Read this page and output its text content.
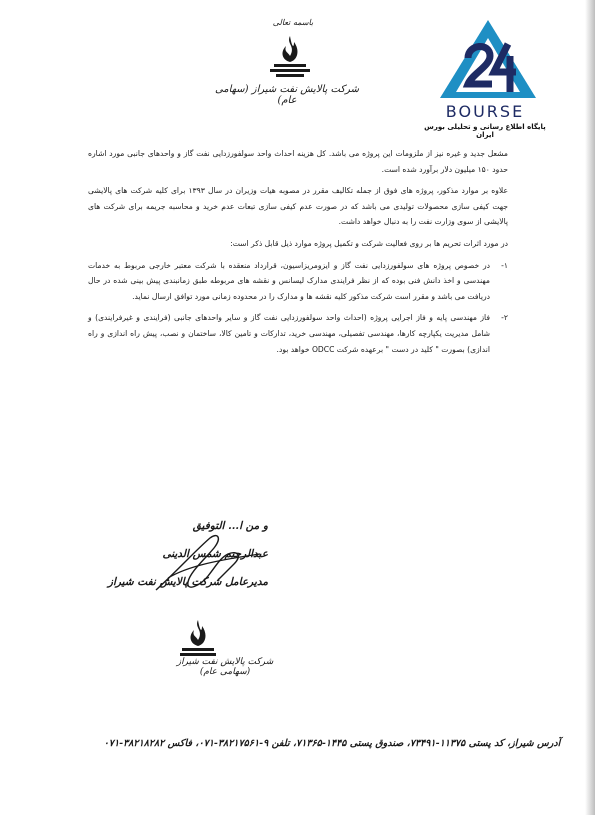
باسمه تعالی
شرکت پالایش نفت شیراز (سهامی عام)
BOURSE
پایگاه اطلاع رسانی و تحلیلی بورس ایران

مشعل جدید و غیره نیز از ملزومات این پروژه می باشد. کل هزینه احداث واحد سولفورزدایی نفت گاز و واحدهای جانبی مورد اشاره حدود ۱۵۰ میلیون دلار برآورد شده است.

علاوه بر موارد مذکور، پروژه های فوق از جمله تکالیف مقرر در مصوبه هیات وزیران در سال ۱۳۹۳ برای کلیه شرکت های پالایشی جهت کیفی سازی محصولات تولیدی می باشد که در صورت عدم کیفی سازی تبعات عدم خرید و محاسبه جریمه برای شرکت های پالایشی از سوی وزارت نفت را به دنبال خواهد داشت.

در مورد اثرات تحریم ها بر روی فعالیت شرکت و تکمیل پروژه موارد ذیل قابل ذکر است:

۱-
در خصوص پروژه های سولفورزدایی نفت گاز و ایزومریزاسیون، قرارداد منعقده با شرکت معتبر خارجی مربوط به خدمات مهندسی و اخذ دانش فنی بوده که از نظر فرایندی مدارک لیسانس و نقشه های مربوطه طبق زمانبندی پیش بینی شده در حال دریافت می باشد و مقرر است شرکت مذکور کلیه نقشه ها و مدارک را در محدوده زمانی مورد توافق ارسال نماید.
۲-
فاز مهندسی پایه و فاز اجرایی پروژه (احداث واحد سولفورزدایی نفت گاز و سایر واحدهای جانبی (فرایندی و غیرفرایندی) و شامل مدیریت یکپارچه کارها، مهندسی تفصیلی، مهندسی خرید، تدارکات و تامین کالا، ساختمان و نصب، پیش راه اندازی و راه اندازی) بصورت " کلید در دست " برعهده شرکت ODCC خواهد بود.
و من ا... التوفیق
عبدالرحیم شمس الدینی
مدیرعامل شرکت پالایش نفت شیراز
شرکت پالایش نفت شیراز (سهامی عام)
آدرس شیراز، کد پستی ۱۱۳۷۵-۷۳۴۹۱، صندوق پستی ۱۴۴۵-۷۱۳۶۵، تلفن ۹-۳۸۲۱۷۵۶۱-۰۷۱، فاکس ۳۸۲۱۸۲۸۲-۰۷۱
